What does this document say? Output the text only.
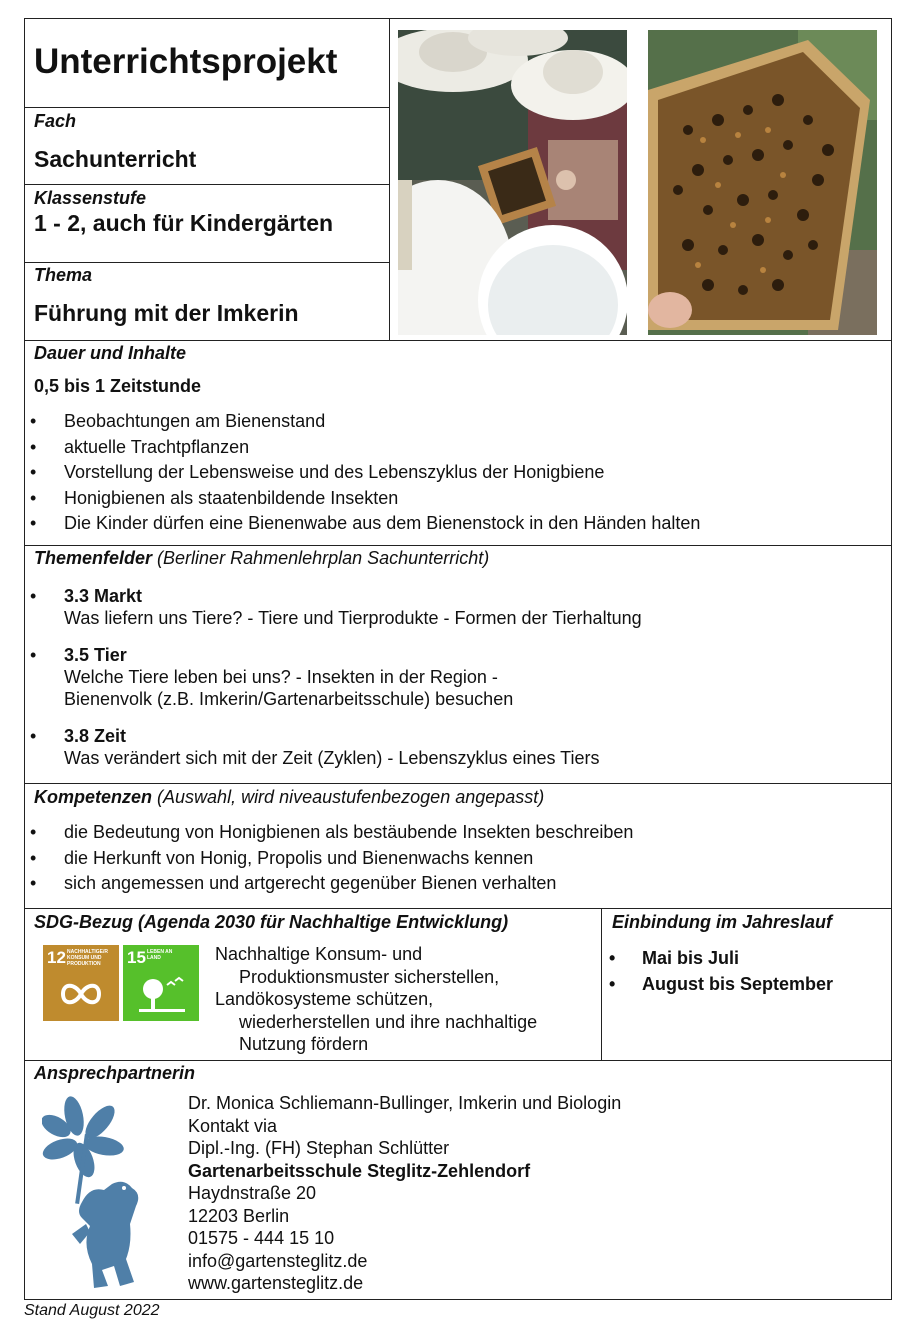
Unterrichtsprojekt
Fach
Sachunterricht
Klassenstufe
1 - 2, auch für Kindergärten
Thema
Führung mit der Imkerin
Dauer und Inhalte
0,5 bis 1 Zeitstunde
• Beobachtungen am Bienenstand
• aktuelle Trachtpflanzen
• Vorstellung der Lebensweise und des Lebenszyklus der Honigbiene
• Honigbienen als staatenbildende Insekten
• Die Kinder dürfen eine Bienenwabe aus dem Bienenstock in den Händen halten
Themenfelder (Berliner Rahmenlehrplan Sachunterricht)
• 3.3 Markt
Was liefern uns Tiere? - Tiere und Tierprodukte - Formen der Tierhaltung
• 3.5 Tier
Welche Tiere leben bei uns? - Insekten in der Region -
Bienenvolk (z.B. Imkerin/Gartenarbeitsschule) besuchen
• 3.8 Zeit
Was verändert sich mit der Zeit (Zyklen) - Lebenszyklus eines Tiers
Kompetenzen (Auswahl, wird niveaustufenbezogen angepasst)
• die Bedeutung von Honigbienen als bestäubende Insekten beschreiben
• die Herkunft von Honig, Propolis und Bienenwachs kennen
• sich angemessen und artgerecht gegenüber Bienen verhalten
SDG-Bezug (Agenda 2030 für Nachhaltige Entwicklung)
12 NACHHALTIGE/R KONSUM UND PRODUKTION	15 LEBEN AN LAND	Nachhaltige Konsum- und
Produktionsmuster sicherstellen,
Landökosysteme schützen,
wiederherstellen und ihre nachhaltige
Nutzung fördern
Einbindung im Jahreslauf
• Mai bis Juli
• August bis September
Ansprechpartnerin
Dr. Monica Schliemann-Bullinger, Imkerin und Biologin
Kontakt via
Dipl.-Ing. (FH) Stephan Schlütter
Gartenarbeitsschule Steglitz-Zehlendorf
Haydnstraße 20
12203 Berlin
01575 - 444 15 10
info@gartensteglitz.de
www.gartensteglitz.de
Stand August 2022
